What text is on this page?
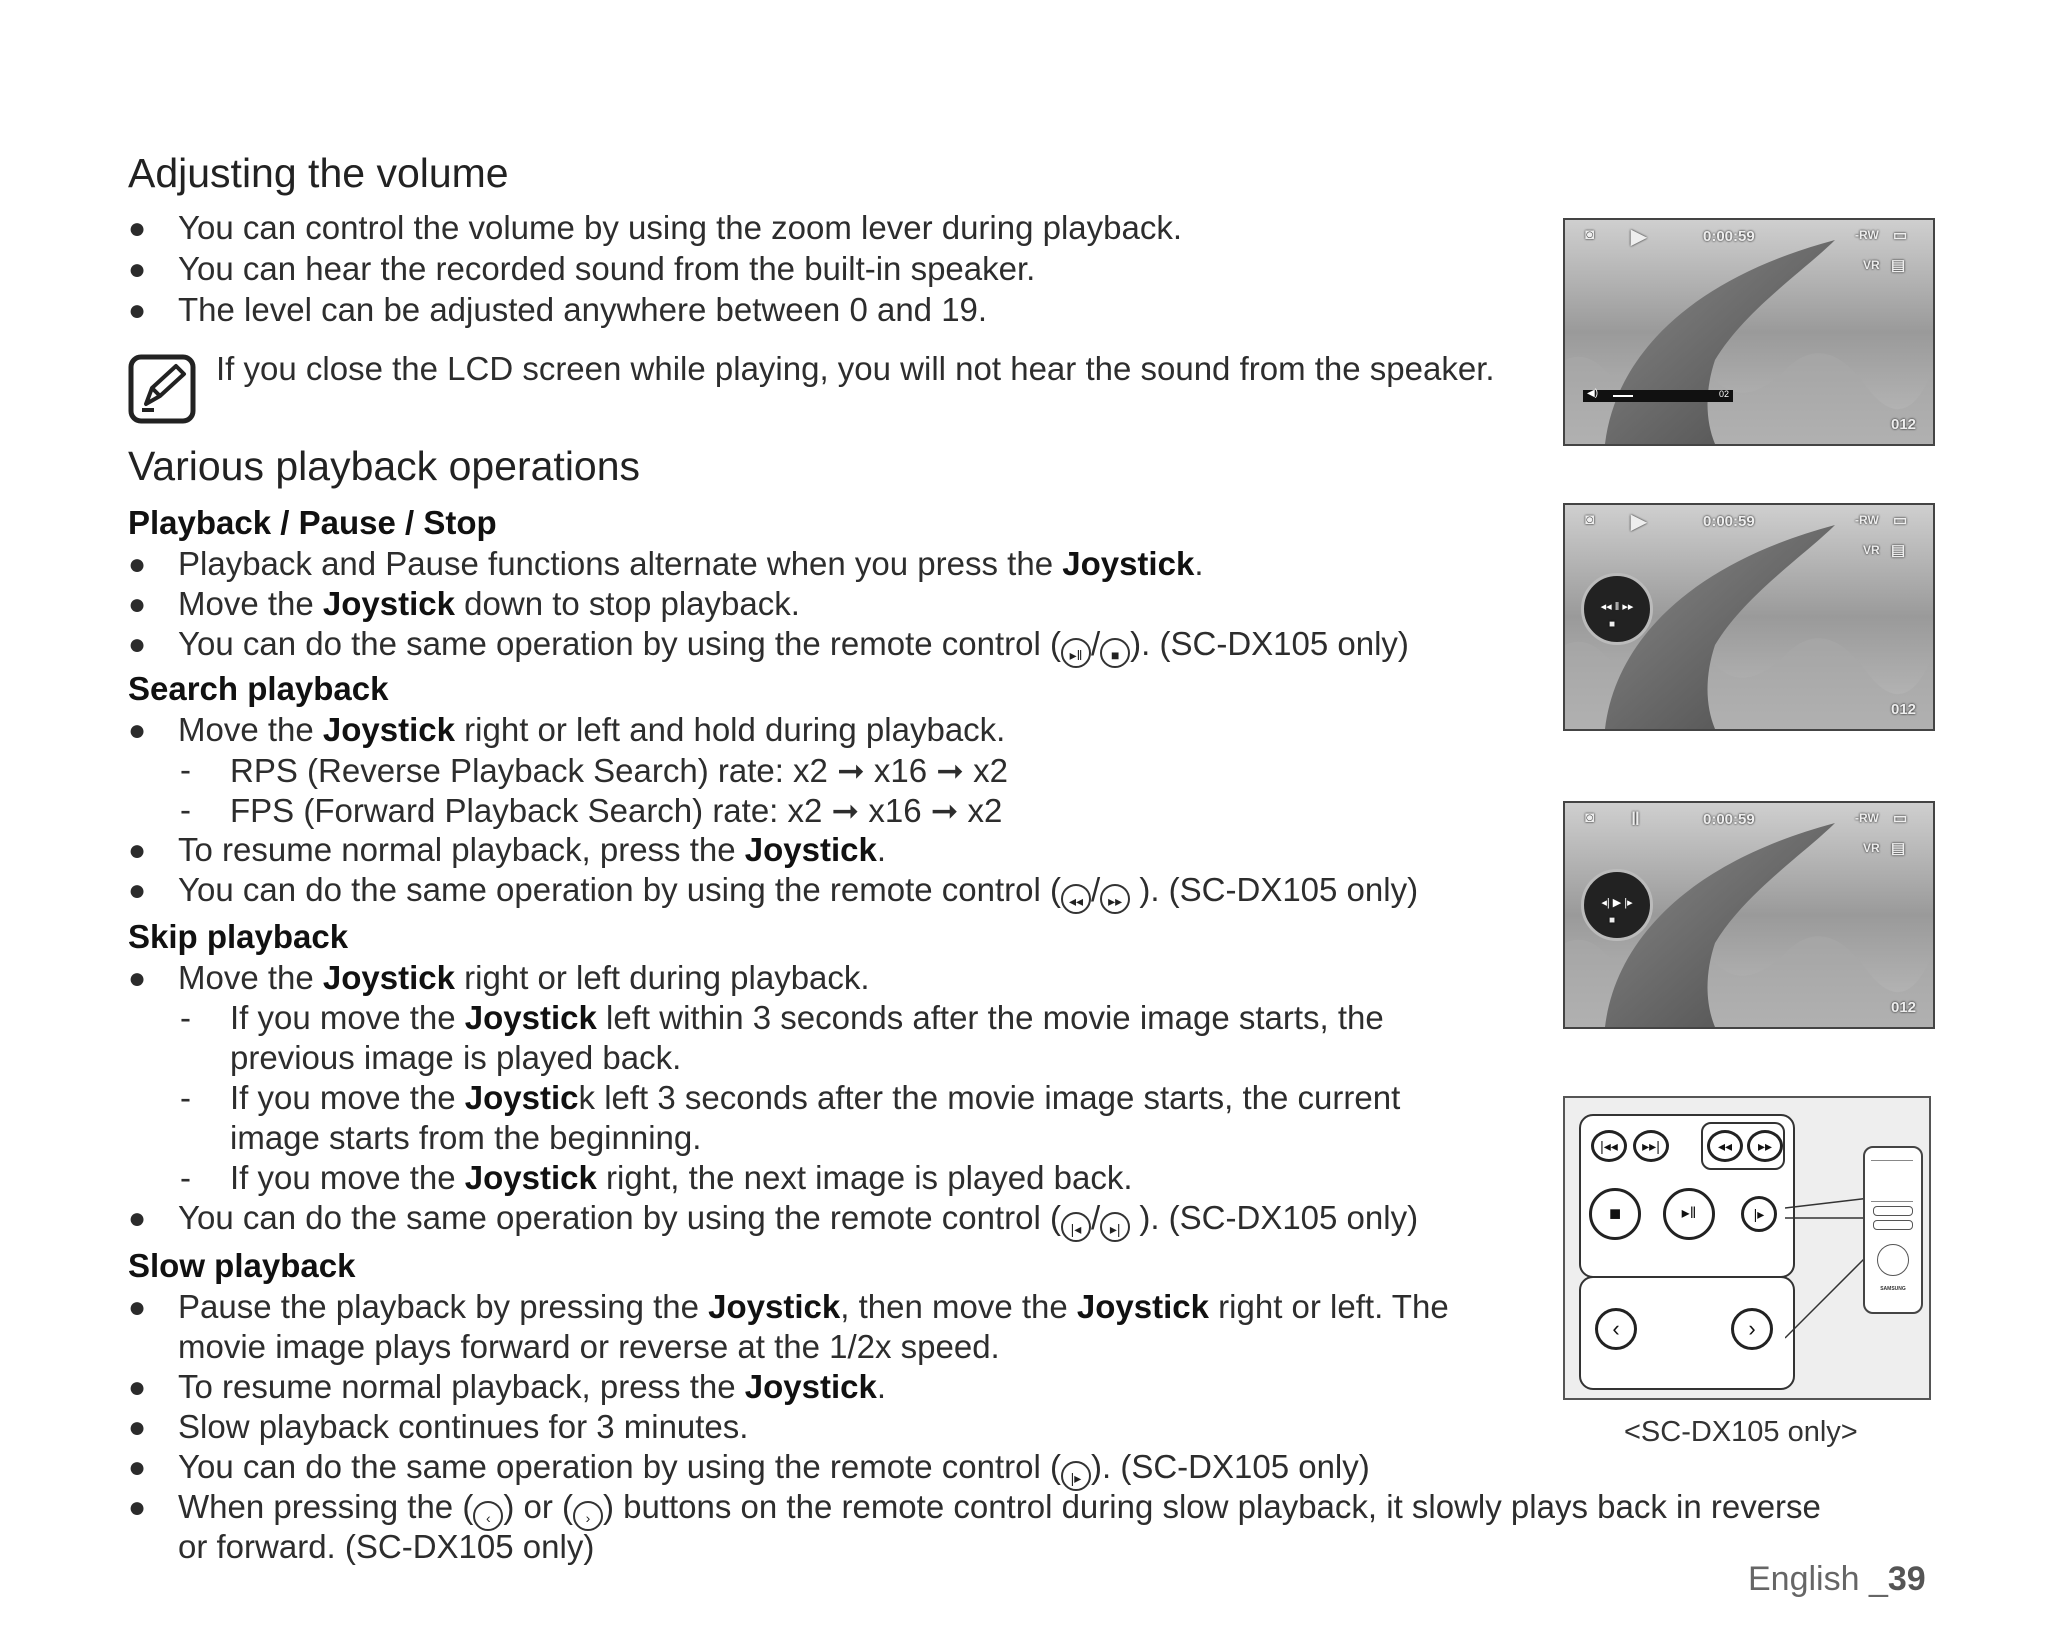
Adjusting the volume
● You can control the volume by using the zoom lever during playback.
● You can hear the recorded sound from the built-in speaker.
● The level can be adjusted anywhere between 0 and 19.
If you close the LCD screen while playing, you will not hear the sound from the speaker.
Various playback operations
Playback / Pause / Stop
● Playback and Pause functions alternate when you press the Joystick.
● Move the Joystick down to stop playback.
● You can do the same operation by using the remote control ( ▸‖ / ■ ). (SC-DX105 only)
Search playback
● Move the Joystick right or left and hold during playback.
- RPS (Reverse Playback Search) rate: x2 ➞ x16 ➞ x2
- FPS (Forward Playback Search) rate: x2 ➞ x16 ➞ x2
● To resume normal playback, press the Joystick.
● You can do the same operation by using the remote control ( ◂◂ / ▸▸ ). (SC-DX105 only)
Skip playback
● Move the Joystick right or left during playback.
- If you move the Joystick left within 3 seconds after the movie image starts, the
previous image is played back.
- If you move the Joystick left 3 seconds after the movie image starts, the current
image starts from the beginning.
- If you move the Joystick right, the next image is played back.
● You can do the same operation by using the remote control ( |◂ / ▸| ). (SC-DX105 only)
Slow playback
● Pause the playback by pressing the Joystick, then move the Joystick right or left. The
movie image plays forward or reverse at the 1/2x speed.
● To resume normal playback, press the Joystick.
● Slow playback continues for 3 minutes.
● You can do the same operation by using the remote control ( |▸ ). (SC-DX105 only)
● When pressing the ( ‹ ) or ( › ) buttons on the remote control during slow playback, it slowly plays back in reverse
or forward. (SC-DX105 only)
◙ ▶	0:00:59	-RW ▭
VR ▤
◀)	02
012
◙ ▶	0:00:59	-RW ▭
VR ▤
◂◂ ‖ ▸▸
■
012
◙ ‖	0:00:59	-RW ▭
VR ▤
◂| ▶ |▸
■
012
|◂◂	▸▸|	◂◂	▸▸
■	▸‖	|▸
‹	›
SAMSUNG
<SC-DX105 only>
English _39
